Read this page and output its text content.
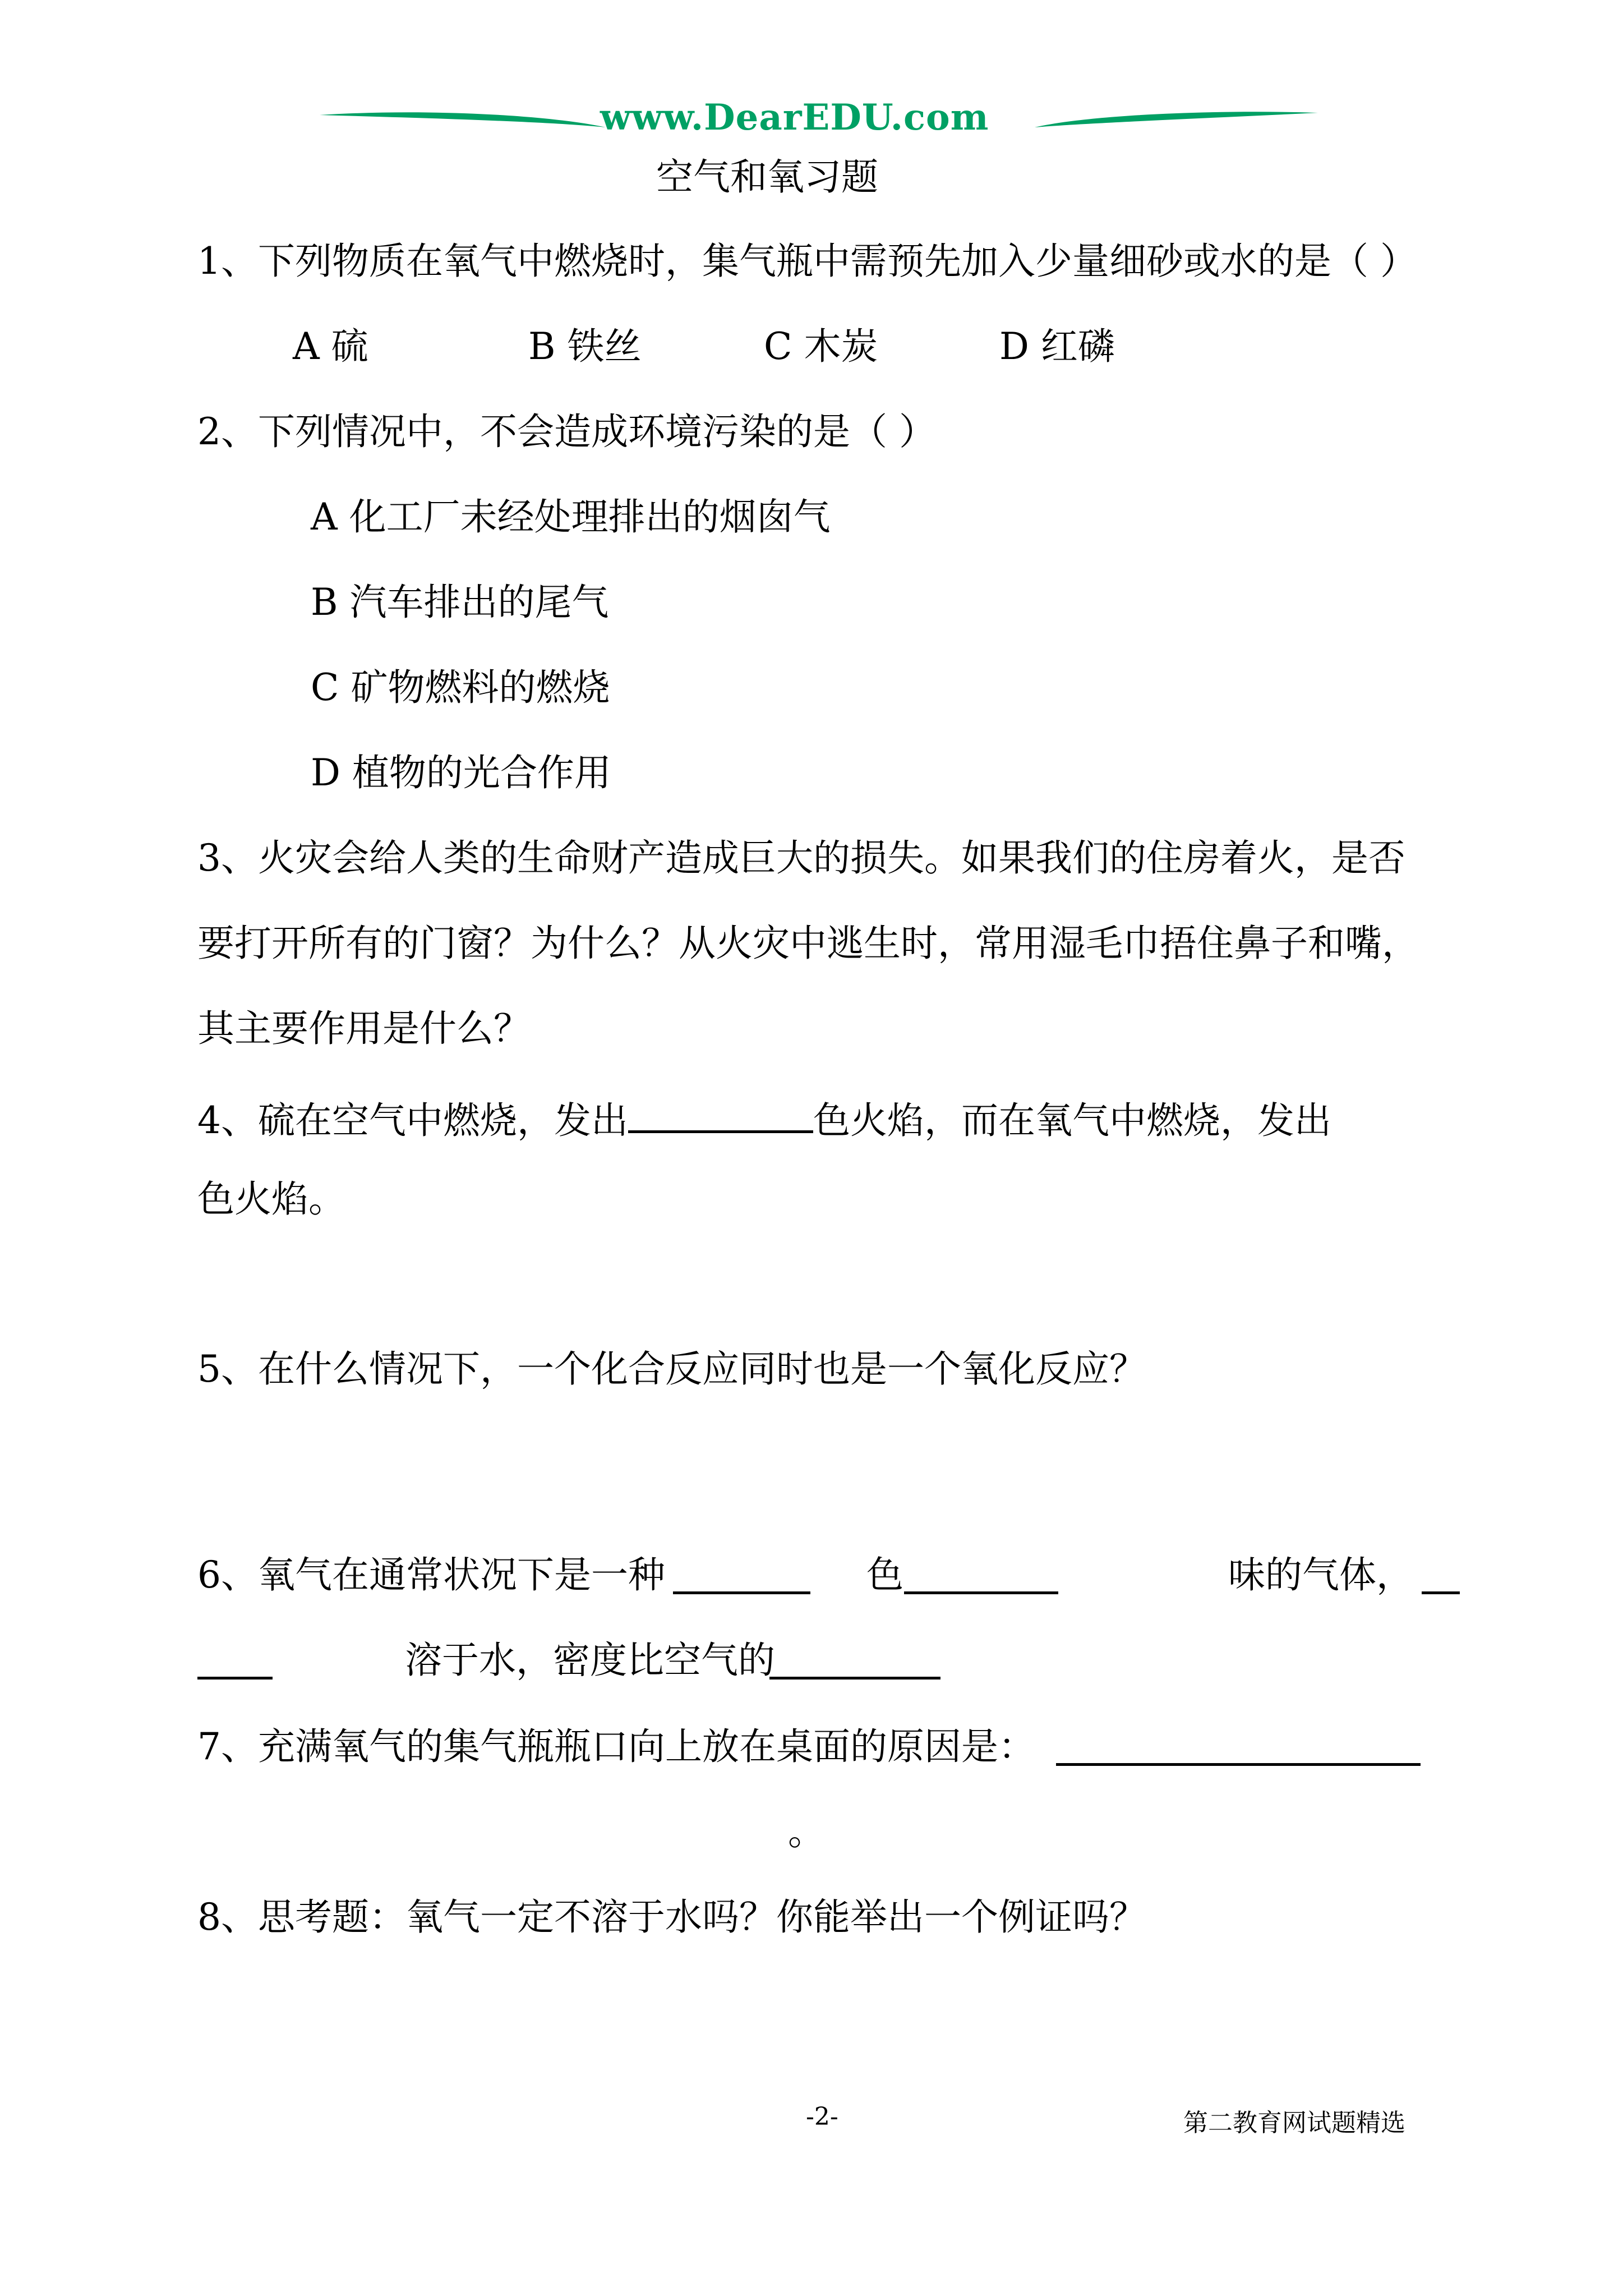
www.DearEDU.com
空气和氧习题
1、下列物质在氧气中燃烧时，集气瓶中需预先加入少量细砂或水的是（ ）
A 硫	B 铁丝	C 木炭	D 红磷
2、下列情况中，不会造成环境污染的是（ ）
A 化工厂未经处理排出的烟囱气
B 汽车排出的尾气
C 矿物燃料的燃烧
D 植物的光合作用
3、火灾会给人类的生命财产造成巨大的损失。如果我们的住房着火，是否
要打开所有的门窗？为什么？从火灾中逃生时，常用湿毛巾捂住鼻子和嘴，
其主要作用是什么？
4、硫在空气中燃烧，发出	色火焰，而在氧气中燃烧，发出
色火焰。
5、在什么情况下，一个化合反应同时也是一个氧化反应？
6、氧气在通常状况下是一种	色	味的气体，
溶于水，密度比空气的
7、充满氧气的集气瓶瓶口向上放在桌面的原因是：
。
8、思考题：氧气一定不溶于水吗？你能举出一个例证吗？
-2-	第二教育网试题精选
